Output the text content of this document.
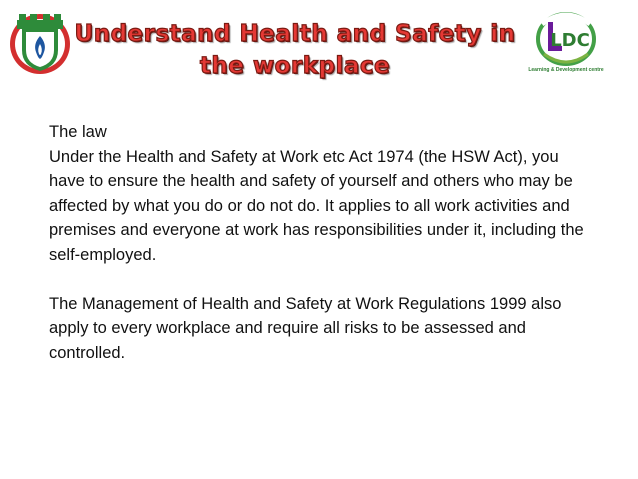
Understand Health and Safety in
the workplace
LDC
Learning & Development centre

The law

Under the Health and Safety at Work etc Act 1974 (the HSW Act), you have to ensure the health and safety of yourself and others who may be affected by what you do or do not do. It applies to all work activities and premises and everyone at work has responsibilities under it, including the self-employed.

The Management of Health and Safety at Work Regulations 1999 also apply to every workplace and require all risks to be assessed and controlled.
